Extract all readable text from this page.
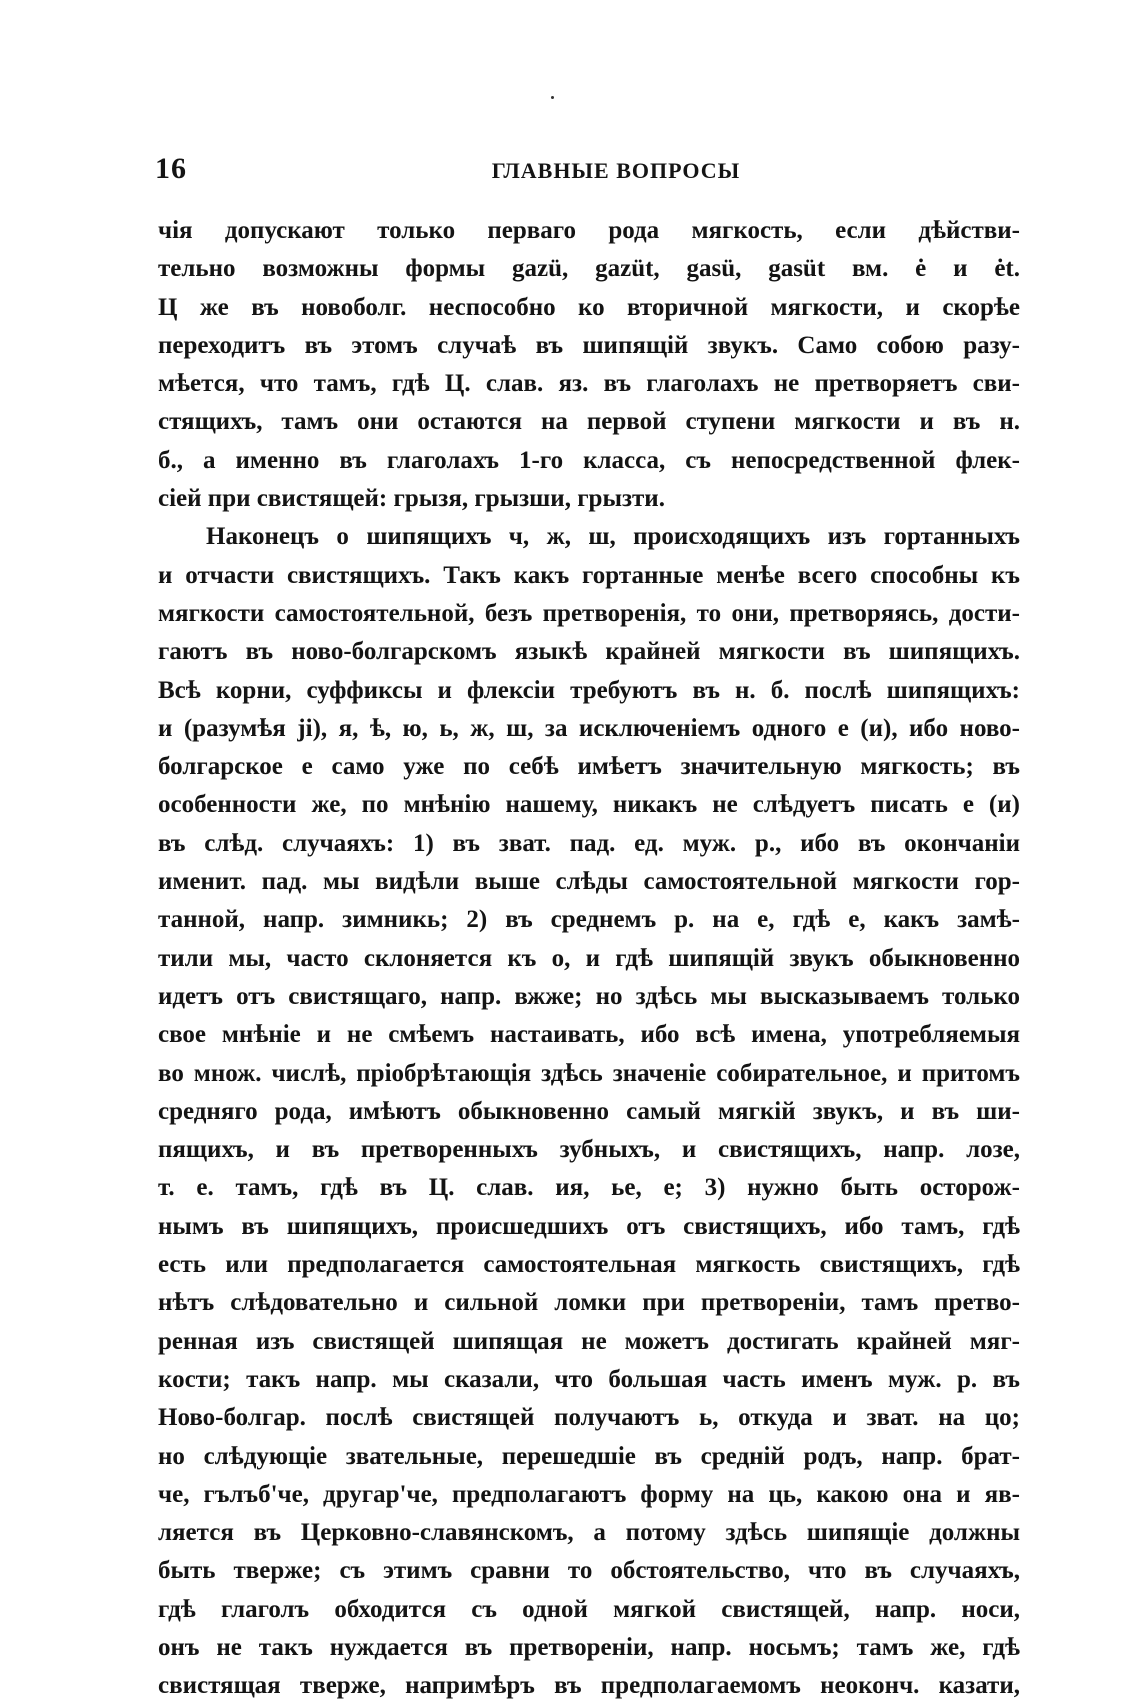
16	ГЛАВНЫЕ ВОПРОСЫ
чія допускают только перваго рода мягкость, если дѣйстви-
тельно возможны формы gazü, gazüt, gasü, gasüt вм. ė и ėt.
Ц же въ новоболг. неспособно ко вторичной мягкости, и скорѣе
переходитъ въ этомъ случаѣ въ шипящій звукъ. Само собою разу-
мѣется, что тамъ, гдѣ Ц. слав. яз. въ глаголахъ не претворяетъ сви-
стящихъ, тамъ они остаются на первой ступени мягкости и въ н.
б., а именно въ глаголахъ 1-го класса, съ непосредственной флек-
сіей при свистящей: грызя, грызши, грызти.
Наконецъ о шипящихъ ч, ж, ш, происходящихъ изъ гортанныхъ
и отчасти свистящихъ. Такъ какъ гортанные менѣе всего способны къ
мягкости самостоятельной, безъ претворенія, то они, претворяясь, дости-
гаютъ въ ново-болгарскомъ языкѣ крайней мягкости въ шипящихъ.
Всѣ корни, суффиксы и флексіи требуютъ въ н. б. послѣ шипящихъ:
и (разумѣя ji), я, ѣ, ю, ь, ж, ш, за исключеніемъ одного е (и), ибо ново-
болгарское е само уже по себѣ имѣетъ значительную мягкость; въ
особенности же, по мнѣнію нашему, никакъ не слѣдуетъ писать е (и)
въ слѣд. случаяхъ: 1) въ зват. пад. ед. муж. р., ибо въ окончаніи
именит. пад. мы видѣли выше слѣды самостоятельной мягкости гор-
танной, напр. зимникь; 2) въ среднемъ р. на е, гдѣ е, какъ замѣ-
тили мы, часто склоняется къ о, и гдѣ шипящій звукъ обыкновенно
идетъ отъ свистящаго, напр. вжже; но здѣсь мы высказываемъ только
свое мнѣніе и не смѣемъ настаивать, ибо всѣ имена, употребляемыя
во множ. числѣ, пріобрѣтающія здѣсь значеніе собирательное, и притомъ
средняго рода, имѣютъ обыкновенно самый мягкій звукъ, и въ ши-
пящихъ, и въ претворенныхъ зубныхъ, и свистящихъ, напр. лозе,
т. е. тамъ, гдѣ въ Ц. слав. ия, ье, е; 3) нужно быть осторож-
нымъ въ шипящихъ, происшедшихъ отъ свистящихъ, ибо тамъ, гдѣ
есть или предполагается самостоятельная мягкость свистящихъ, гдѣ
нѣтъ слѣдовательно и сильной ломки при претвореніи, тамъ претво-
ренная изъ свистящей шипящая не можетъ достигать крайней мяг-
кости; такъ напр. мы сказали, что большая часть именъ муж. р. въ
Ново-болгар. послѣ свистящей получаютъ ь, откуда и зват. на цо;
но слѣдующіе звательные, перешедшіе въ средній родъ, напр. брат-
че, гълъб'че, другар'че, предполагаютъ форму на ць, какою она и яв-
ляется въ Церковно-славянскомъ, а потому здѣсь шипящіе должны
быть тверже; съ этимъ сравни то обстоятельство, что въ случаяхъ,
гдѣ глаголъ обходится съ одной мягкой свистящей, напр. носи,
онъ не такъ нуждается въ претвореніи, напр. носьмъ; тамъ же, гдѣ
свистящая тверже, напримѣръ въ предполагаемомъ неоконч. казати,
